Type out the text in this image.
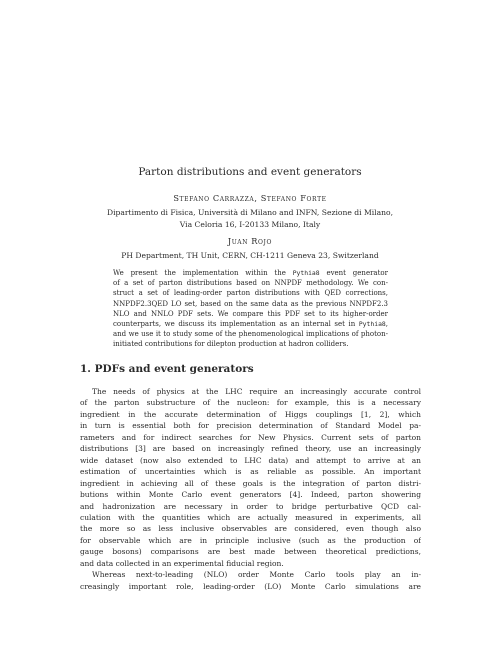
Parton distributions and event generators
Stefano Carrazza, Stefano Forte
Dipartimento di Fisica, Università di Milano and INFN, Sezione di Milano,
Via Celoria 16, I-20133 Milano, Italy
Juan Rojo
PH Department, TH Unit, CERN, CH-1211 Geneva 23, Switzerland
We present the implementation within the Pythia8 event generator
of a set of parton distributions based on NNPDF methodology. We con-
struct a set of leading-order parton distributions with QED corrections,
NNPDF2.3QED LO set, based on the same data as the previous NNPDF2.3
NLO and NNLO PDF sets. We compare this PDF set to its higher-order
counterparts, we discuss its implementation as an internal set in Pythia8,
and we use it to study some of the phenomenological implications of photon-
initiated contributions for dilepton production at hadron colliders.
1. PDFs and event generators
The needs of physics at the LHC require an increasingly accurate control
of the parton substructure of the nucleon: for example, this is a necessary
ingredient in the accurate determination of Higgs couplings [1, 2], which
in turn is essential both for precision determination of Standard Model pa-
rameters and for indirect searches for New Physics. Current sets of parton
distributions [3] are based on increasingly refined theory, use an increasingly
wide dataset (now also extended to LHC data) and attempt to arrive at an
estimation of uncertainties which is as reliable as possible. An important
ingredient in achieving all of these goals is the integration of parton distri-
butions within Monte Carlo event generators [4]. Indeed, parton showering
and hadronization are necessary in order to bridge perturbative QCD cal-
culation with the quantities which are actually measured in experiments, all
the more so as less inclusive observables are considered, even though also
for observable which are in principle inclusive (such as the production of
gauge bosons) comparisons are best made between theoretical predictions,
and data collected in an experimental fiducial region.
Whereas next-to-leading (NLO) order Monte Carlo tools play an in-
creasingly important role, leading-order (LO) Monte Carlo simulations are
